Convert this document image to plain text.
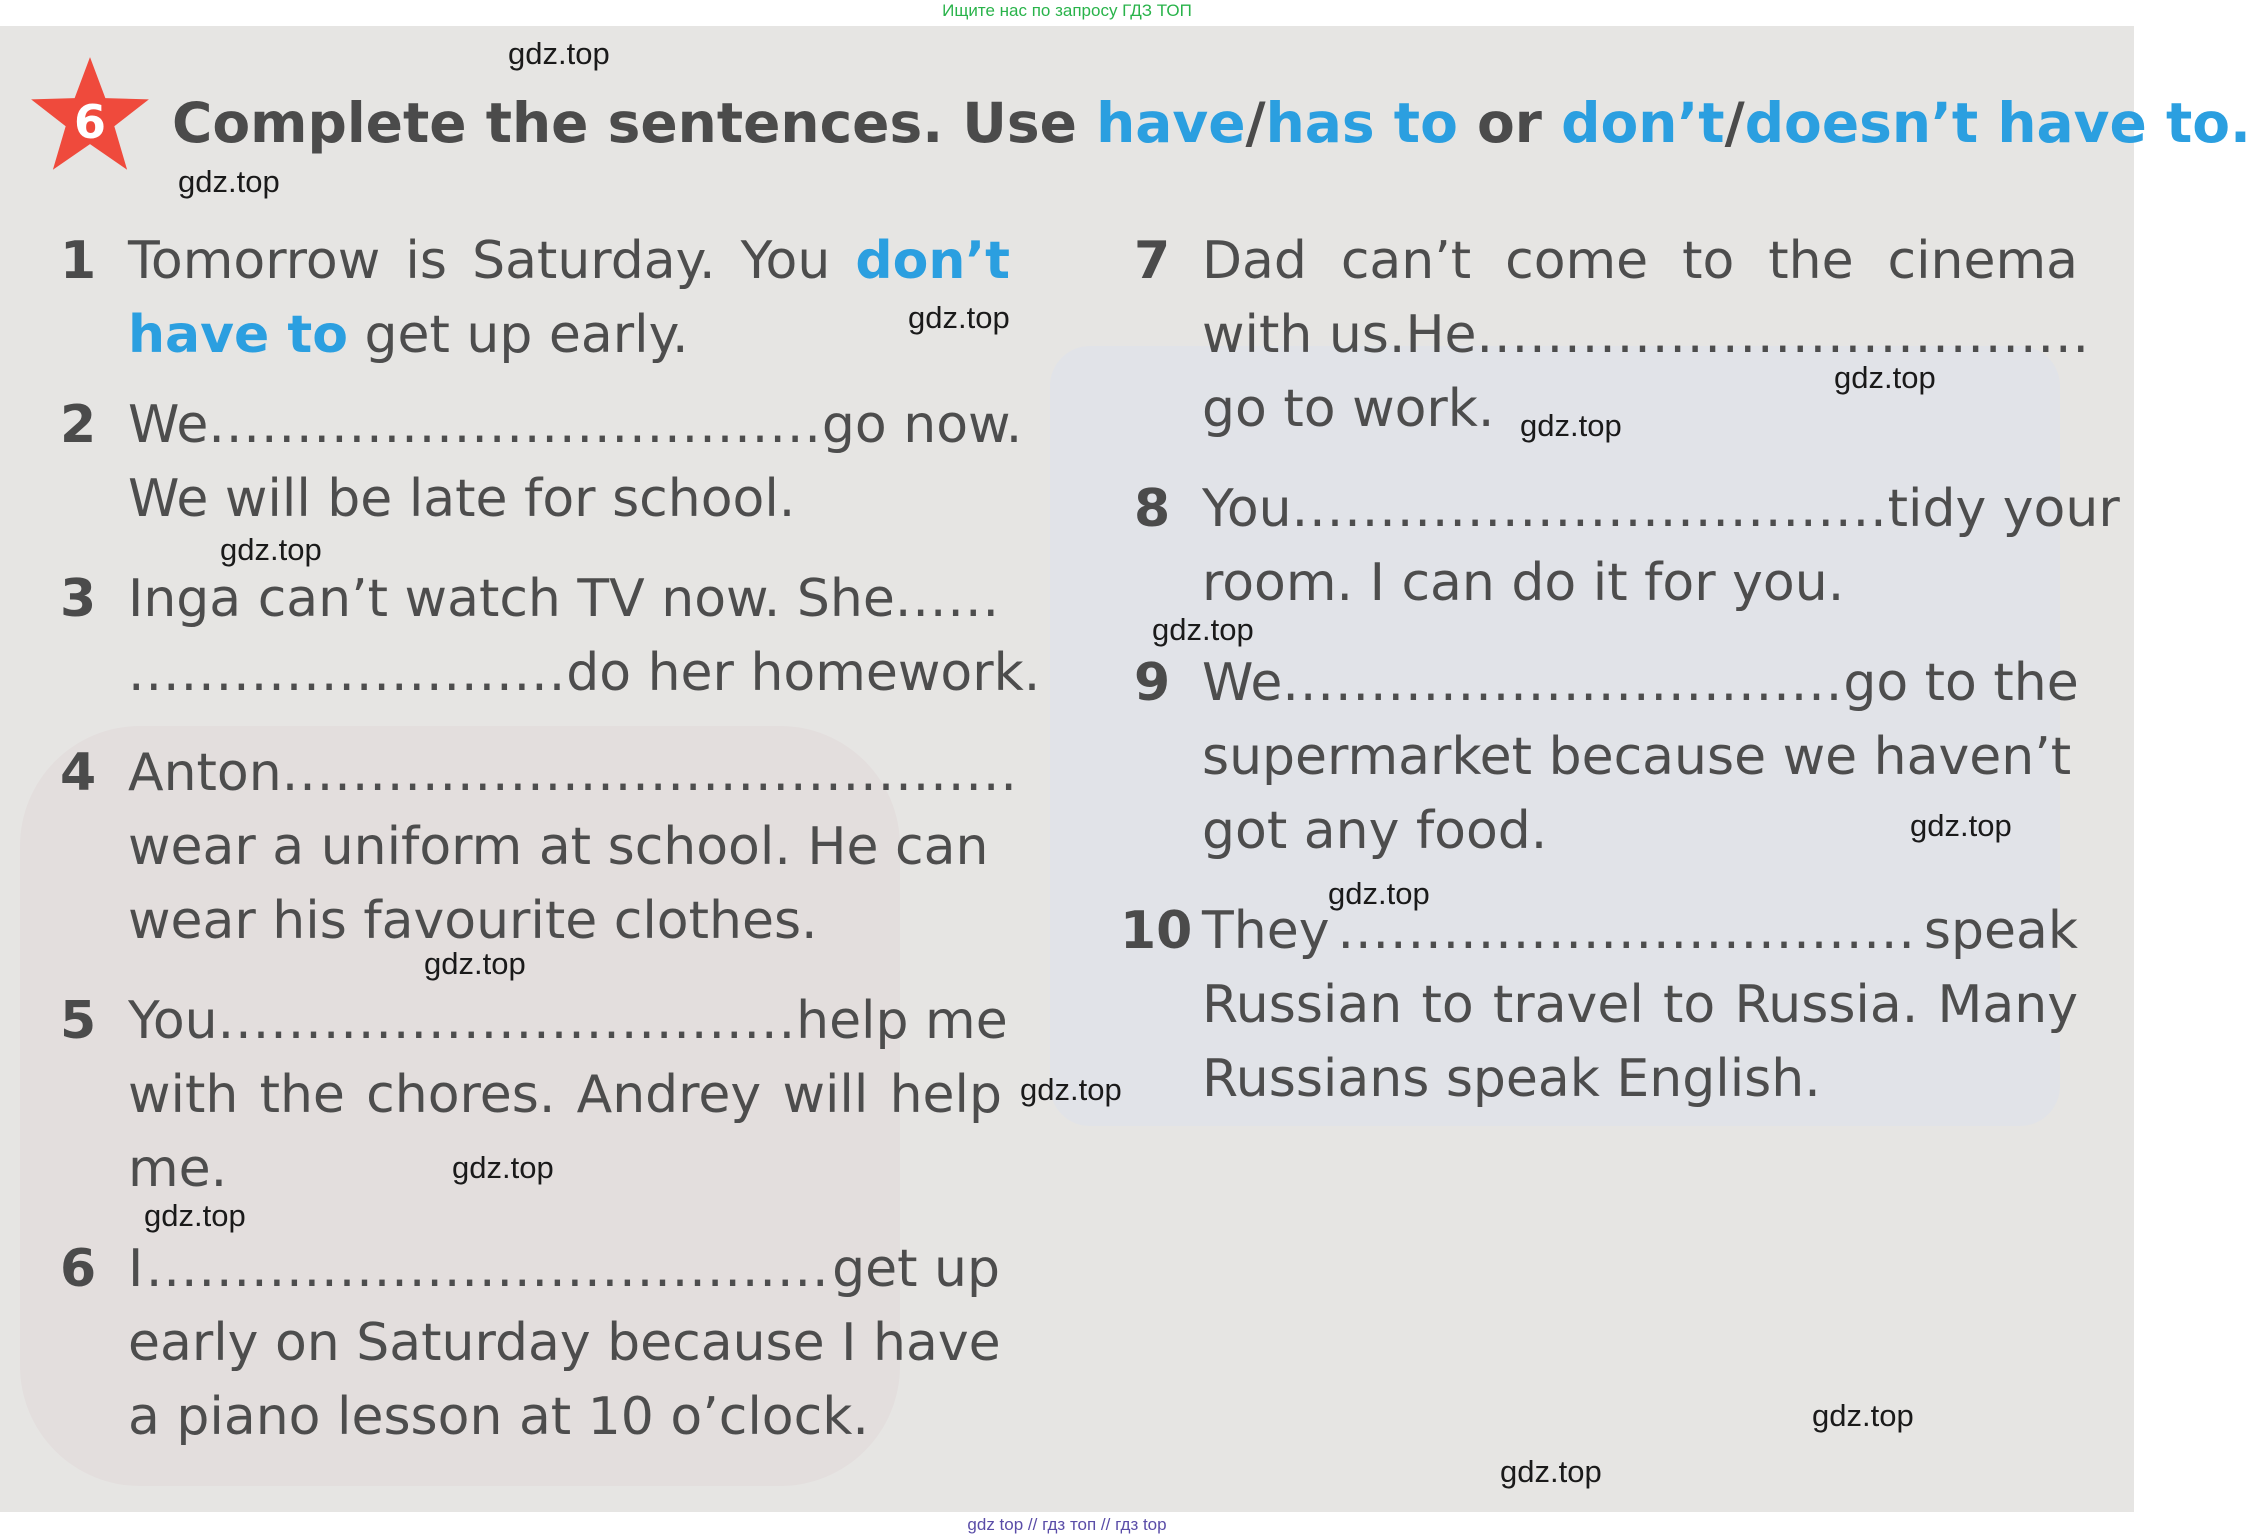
Ищите нас по запросу ГДЗ ТОП
6	Complete the sentences. Use have/has to or don’t/doesn’t have to.
1 Tomorrow is Saturday. You don’t
have to get up early.
2 We ................................... go now.
We will be late for school.
3 Inga can’t watch TV now. She ......
......................... do her homework.
4 Anton ..........................................
wear a uniform at school. He can
wear his favourite clothes.
5 You ................................. help me
with the chores. Andrey will help
me.
6 I ....................................... get up
early on Saturday because I have
a piano lesson at 10 o’clock.
7 Dad can’t come to the cinema
with us. He ...................................
go to work.
8 You .................................. tidy your
room. I can do it for you.
9 We ................................ go to the
supermarket because we haven’t
got any food.
10 They ................................. speak
Russian to travel to Russia. Many
Russians speak English.
gdz.top
gdz.top
gdz.top
gdz.top
gdz.top
gdz.top
gdz.top
gdz.top
gdz.top
gdz.top
gdz.top
gdz.top
gdz.top
gdz.top
gdz.top
gdz top // гдз топ // гдз top
